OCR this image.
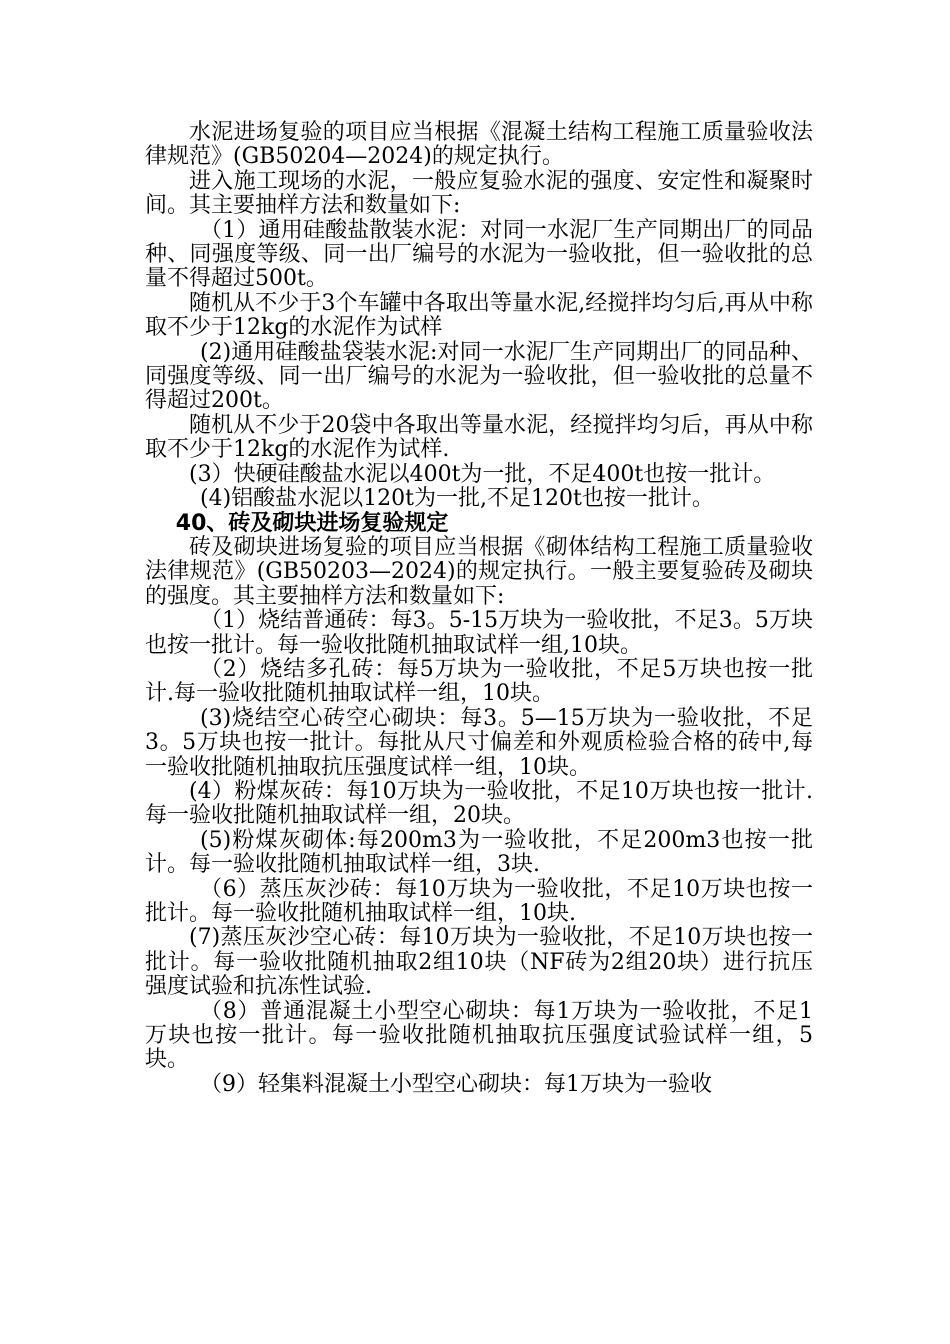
水泥进场复验的项目应当根据《混凝土结构工程施工质量验收法律规范》(GB50204—2024)的规定执行。

进入施工现场的水泥，一般应复验水泥的强度、安定性和凝聚时间。其主要抽样方法和数量如下:

（1）通用硅酸盐散装水泥：对同一水泥厂生产同期出厂的同品种、同强度等级、同一出厂编号的水泥为一验收批，但一验收批的总量不得超过500t。

随机从不少于3个车罐中各取出等量水泥,经搅拌均匀后,再从中称取不少于12kg的水泥作为试样

(2)通用硅酸盐袋装水泥:对同一水泥厂生产同期出厂的同品种、同强度等级、同一出厂编号的水泥为一验收批，但一验收批的总量不得超过200t。

随机从不少于20袋中各取出等量水泥，经搅拌均匀后，再从中称取不少于12kg的水泥作为试样.

(3）快硬硅酸盐水泥以400t为一批，不足400t也按一批计。

(4)铝酸盐水泥以120t为一批,不足120t也按一批计。

40、砖及砌块进场复验规定

砖及砌块进场复验的项目应当根据《砌体结构工程施工质量验收法律规范》(GB50203—2024)的规定执行。一般主要复验砖及砌块的强度。其主要抽样方法和数量如下:

（1）烧结普通砖：每3。5-15万块为一验收批，不足3。5万块也按一批计。每一验收批随机抽取试样一组,10块。

（2）烧结多孔砖：每5万块为一验收批，不足5万块也按一批计.每一验收批随机抽取试样一组，10块。

(3)烧结空心砖空心砌块：每3。5—15万块为一验收批，不足3。5万块也按一批计。每批从尺寸偏差和外观质检验合格的砖中,每一验收批随机抽取抗压强度试样一组，10块。

(4）粉煤灰砖：每10万块为一验收批，不足10万块也按一批计.每一验收批随机抽取试样一组，20块。

(5)粉煤灰砌体:每200m3为一验收批，不足200m3也按一批计。每一验收批随机抽取试样一组，3块.

（6）蒸压灰沙砖：每10万块为一验收批，不足10万块也按一批计。每一验收批随机抽取试样一组，10块.

(7)蒸压灰沙空心砖：每10万块为一验收批，不足10万块也按一批计。每一验收批随机抽取2组10块（NF砖为2组20块）进行抗压强度试验和抗冻性试验.

（8）普通混凝土小型空心砌块：每1万块为一验收批，不足1万块也按一批计。每一验收批随机抽取抗压强度试验试样一组，5块。

（9）轻集料混凝土小型空心砌块：每1万块为一验收
